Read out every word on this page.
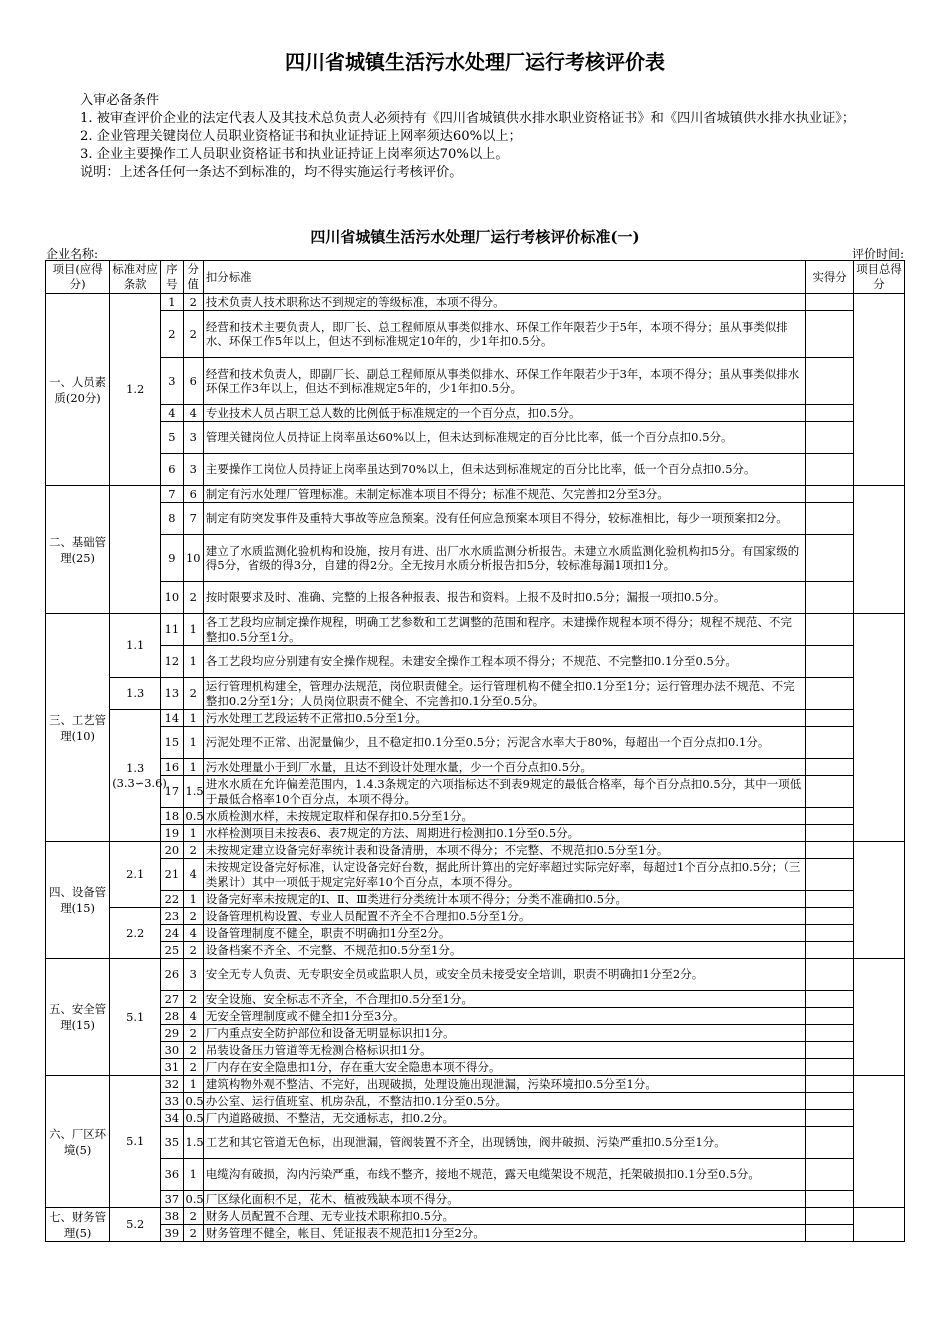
四川省城镇生活污水处理厂运行考核评价表

入审必备条件

1. 被审查评价企业的法定代表人及其技术总负责人必须持有《四川省城镇供水排水职业资格证书》和《四川省城镇供水排水执业证》；

2. 企业管理关键岗位人员职业资格证书和执业证持证上网率须达60%以上；

3. 企业主要操作工人员职业资格证书和执业证持证上岗率须达70%以上。

说明：上述各任何一条达不到标准的，均不得实施运行考核评价。

四川省城镇生活污水处理厂运行考核评价标准(一)
企业名称:	评价时间:
项目(应得分)	标准对应条款	序号	分值	扣分标准	实得分	项目总得分
一、人员素质(20分)	1.2	1	2	技术负责人技术职称达不到规定的等级标准，本项不得分。		
		2	2	经营和技术主要负责人，即厂长、总工程师原从事类似排水、环保工作年限若少于5年，本项不得分；虽从事类似排水、环保工作5年以上，但达不到标准规定10年的，少1年扣0.5分。		
		3	6	经营和技术负责人，即副厂长、副总工程师原从事类似排水、环保工作年限若少于3年，本项不得分；虽从事类似排水环保工作3年以上，但达不到标准规定5年的，少1年扣0.5分。		
		4	4	专业技术人员占职工总人数的比例低于标准规定的一个百分点，扣0.5分。		
		5	3	管理关键岗位人员持证上岗率虽达60%以上，但未达到标准规定的百分比比率，低一个百分点扣0.5分。		
		6	3	主要操作工岗位人员持证上岗率虽达到70%以上，但未达到标准规定的百分比比率，低一个百分点扣0.5分。		
二、基础管理(25)		7	6	制定有污水处理厂管理标准。未制定标准本项目不得分；标准不规范、欠完善扣2分至3分。		
		8	7	制定有防突发事件及重特大事故等应急预案。没有任何应急预案本项目不得分，较标准相比，每少一项预案扣2分。		
		9	10	建立了水质监测化验机构和设施，按月有进、出厂水水质监测分析报告。未建立水质监测化验机构扣5分。有国家级的得5分，省级的得3分，自建的得2分。全无按月水质分析报告扣5分，较标准每漏1项扣1分。		
		10	2	按时限要求及时、准确、完整的上报各种报表、报告和资料。上报不及时扣0.5分；漏报一项扣0.5分。		
三、工艺管理(10)	1.1	11	1	各工艺段均应制定操作规程，明确工艺参数和工艺调整的范围和程序。未建操作规程本项不得分；规程不规范、不完整扣0.5分至1分。		
		12	1	各工艺段均应分别建有安全操作规程。未建安全操作工程本项不得分；不规范、不完整扣0.1分至0.5分。		
	1.3	13	2	运行管理机构建全，管理办法规范，岗位职责健全。运行管理机构不健全扣0.1分至1分；运行管理办法不规范、不完整扣0.2分至1分；人员岗位职责不健全、不完善扣0.1分至0.5分。		
	1.3 (3.3∽3.6)	14	1	污水处理工艺段运转不正常扣0.5分至1分。		
		15	1	污泥处理不正常、出泥量偏少，且不稳定扣0.1分至0.5分；污泥含水率大于80%，每超出一个百分点扣0.1分。		
		16	1	污水处理量小于到厂水量，且达不到设计处理水量，少一个百分点扣0.5分。		
		17	1.5	进水水质在允许偏差范围内，1.4.3条规定的六项指标达不到表9规定的最低合格率，每个百分点扣0.5分，其中一项低于最低合格率10个百分点，本项不得分。		
		18	0.5	水质检测水样，未按规定取样和保存扣0.5分至1分。		
		19	1	水样检测项目未按表6、表7规定的方法、周期进行检测扣0.1分至0.5分。		
四、设备管理(15)	2.1	20	2	未按规定建立设备完好率统计表和设备清册，本项不得分；不完整、不规范扣0.5分至1分。		
		21	4	未按规定设备完好标准，认定设备完好台数，据此所计算出的完好率超过实际完好率，每超过1个百分点扣0.5分；（三类累计）其中一项低于规定完好率10个百分点，本项不得分。		
		22	1	设备完好率未按规定的Ⅰ、Ⅱ、Ⅲ类进行分类统计本项不得分；分类不准确扣0.5分。		
	2.2	23	2	设备管理机构设置、专业人员配置不齐全不合理扣0.5分至1分。		
		24	4	设备管理制度不健全，职责不明确扣1分至2分。		
		25	2	设备档案不齐全、不完整、不规范扣0.5分至1分。		
五、安全管理(15)	5.1	26	3	安全无专人负责、无专职安全员或监职人员，或安全员未接受安全培训，职责不明确扣1分至2分。		
		27	2	安全设施、安全标志不齐全，不合理扣0.5分至1分。		
		28	4	无安全管理制度或不健全扣1分至3分。		
		29	2	厂内重点安全防护部位和设备无明显标识扣1分。		
		30	2	吊装设备压力管道等无检测合格标识扣1分。		
		31	2	厂内存在安全隐患扣1分，存在重大安全隐患本项不得分。		
六、厂区环境(5)	5.1	32	1	建筑构物外观不整洁、不完好，出现破损，处理设施出现泄漏，污染环境扣0.5分至1分。		
		33	0.5	办公室、运行值班室、机房杂乱，不整洁扣0.1分至0.5分。		
		34	0.5	厂内道路破损、不整洁，无交通标志，扣0.2分。		
		35	1.5	工艺和其它管道无色标，出现泄漏，管阀装置不齐全，出现锈蚀，阀井破损、污染严重扣0.5分至1分。		
		36	1	电缆沟有破损，沟内污染严重，布线不整齐，接地不规范，露天电缆架设不规范，托架破损扣0.1分至0.5分。		
		37	0.5	厂区绿化面积不足，花木、植被残缺本项不得分。		
七、财务管理(5)	5.2	38	2	财务人员配置不合理、无专业技术职称扣0.5分。		
		39	2	财务管理不健全，帐目、凭证报表不规范扣1分至2分。		
